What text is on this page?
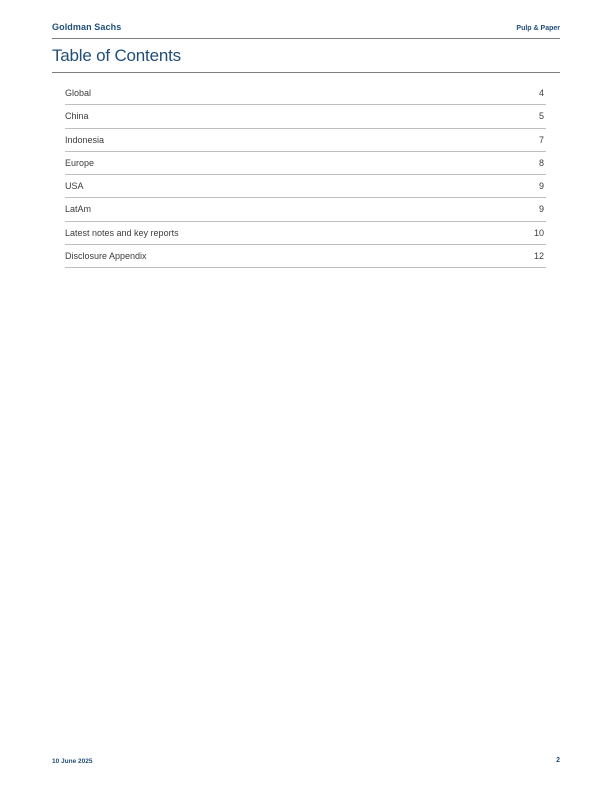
Goldman Sachs	Pulp & Paper
Table of Contents
Global	4
China	5
Indonesia	7
Europe	8
USA	9
LatAm	9
Latest notes and key reports	10
Disclosure Appendix	12
10 June 2025	2
